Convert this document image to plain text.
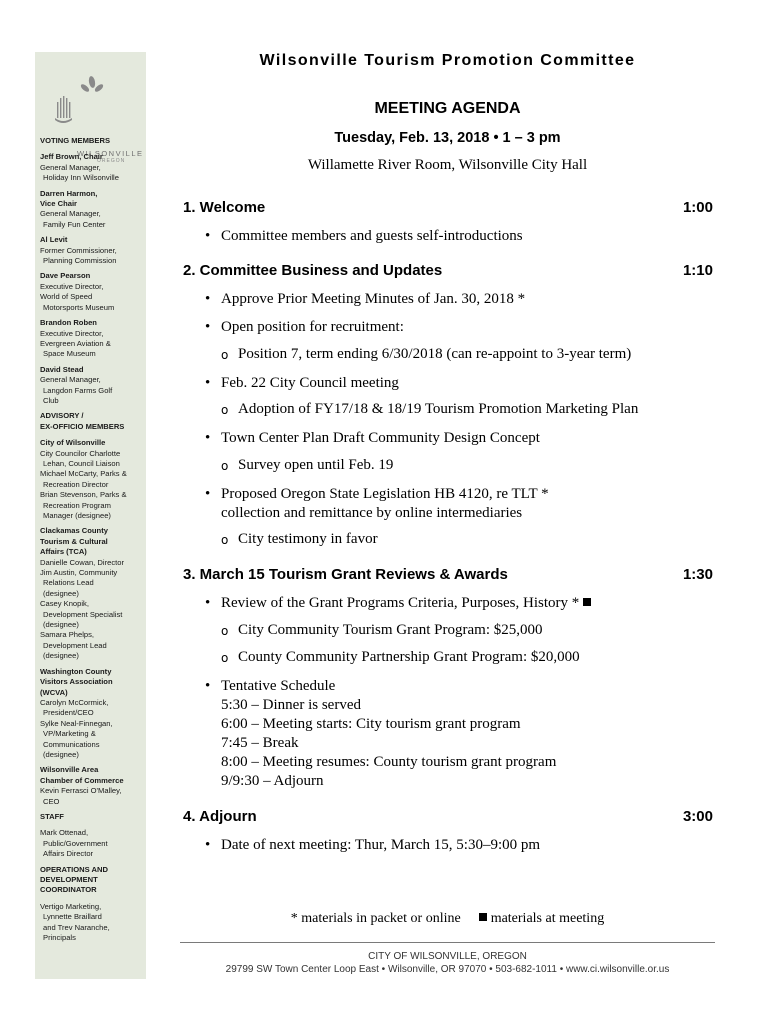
WILSONVILLE
OREGON
VOTING MEMBERS
Jeff Brown, Chair
General Manager,
Holiday Inn Wilsonville
Darren Harmon,
Vice Chair
General Manager,
Family Fun Center
Al Levit
Former Commissioner,
Planning Commission
Dave Pearson
Executive Director,
World of Speed
Motorsports Museum
Brandon Roben
Executive Director,
Evergreen Aviation &
Space Museum
David Stead
General Manager,
Langdon Farms Golf
Club
ADVISORY /
EX-OFFICIO MEMBERS
City of Wilsonville
City Councilor Charlotte
Lehan, Council Liaison
Michael McCarty, Parks &
Recreation Director
Brian Stevenson, Parks &
Recreation Program
Manager (designee)
Clackamas County
Tourism & Cultural
Affairs (TCA)
Danielle Cowan, Director
Jim Austin, Community
Relations Lead
(designee)
Casey Knopik,
Development Specialist
(designee)
Samara Phelps,
Development Lead
(designee)
Washington County
Visitors Association
(WCVA)
Carolyn McCormick,
President/CEO
Sylke Neal-Finnegan,
VP/Marketing &
Communications
(designee)
Wilsonville Area
Chamber of Commerce
Kevin Ferrasci O'Malley,
CEO
STAFF
Mark Ottenad,
Public/Government
Affairs Director
OPERATIONS AND
DEVELOPMENT
COORDINATOR
Vertigo Marketing,
Lynnette Braillard
and Trev Naranche,
Principals
Wilsonville Tourism Promotion Committee
MEETING AGENDA
Tuesday, Feb. 13, 2018 • 1 – 3 pm
Willamette River Room, Wilsonville City Hall
1. Welcome	1:00
• Committee members and guests self-introductions
2. Committee Business and Updates	1:10
• Approve Prior Meeting Minutes of Jan. 30, 2018 *
• Open position for recruitment:
o Position 7, term ending 6/30/2018 (can re-appoint to 3-year term)
• Feb. 22 City Council meeting
o Adoption of FY17/18 & 18/19 Tourism Promotion Marketing Plan
• Town Center Plan Draft Community Design Concept
o Survey open until Feb. 19
• Proposed Oregon State Legislation HB 4120, re TLT *
collection and remittance by online intermediaries
o City testimony in favor
3. March 15 Tourism Grant Reviews & Awards	1:30
• Review of the Grant Programs Criteria, Purposes, History *
o City Community Tourism Grant Program: $25,000
o County Community Partnership Grant Program: $20,000
• Tentative Schedule
5:30 – Dinner is served
6:00 – Meeting starts: City tourism grant program
7:45 – Break
8:00 – Meeting resumes: County tourism grant program
9/9:30 – Adjourn
4. Adjourn	3:00
• Date of next meeting: Thur, March 15, 5:30–9:00 pm
* materials in packet or online materials at meeting
CITY OF WILSONVILLE, OREGON
29799 SW Town Center Loop East • Wilsonville, OR 97070 • 503-682-1011 • www.ci.wilsonville.or.us
